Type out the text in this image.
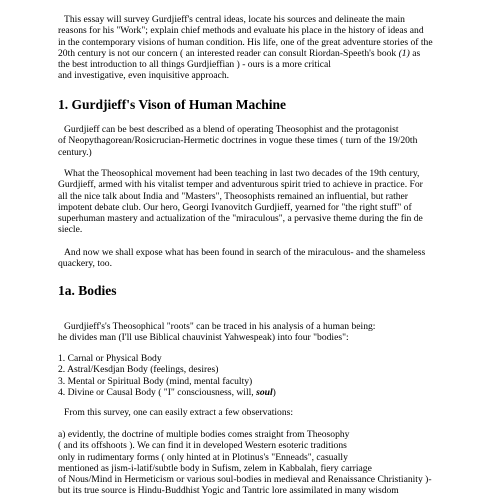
This essay will survey Gurdjieff's central ideas, locate his sources and delineate the main
reasons for his "Work"; explain chief methods and evaluate his place in the history of ideas and
in the contemporary visions of human condition. His life, one of the great adventure stories of the
20th century is not our concern ( an interested reader can consult Riordan-Speeth's book (1) as
the best introduction to all things Gurdjieffian ) - ours is a more critical
and investigative, even inquisitive approach.
1. Gurdjieff's Vison of Human Machine
Gurdjieff can be best described as a blend of operating Theosophist and the protagonist
of Neopythagorean/Rosicrucian-Hermetic doctrines in vogue these times ( turn of the 19/20th
century.)
What the Theosophical movement had been teaching in last two decades of the 19th century,
Gurdjieff, armed with his vitalist temper and adventurous spirit tried to achieve in practice. For
all the nice talk about India and "Masters", Theosophists remained an influential, but rather
impotent debate club. Our hero, Georgi Ivanovitch Gurdjieff, yearned for "the right stuff" of
superhuman mastery and actualization of the "miraculous", a pervasive theme during the fin de
siecle.
And now we shall expose what has been found in search of the miraculous- and the shameless
quackery, too.
1a. Bodies
Gurdjieff's's Theosophical "roots" can be traced in his analysis of a human being:
he divides man (I'll use Biblical chauvinist Yahwespeak) into four "bodies":
1. Carnal or Physical Body
2. Astral/Kesdjan Body (feelings, desires)
3. Mental or Spiritual Body (mind, mental faculty)
4. Divine or Causal Body ( "I" consciousness, will, soul)
From this survey, one can easily extract a few observations:
a) evidently, the doctrine of multiple bodies comes straight from Theosophy
( and its offshoots ). We can find it in developed Western esoteric traditions
only in rudimentary forms ( only hinted at in Plotinus's "Enneads", casually
mentioned as jism-i-latif/subtle body in Sufism, zelem in Kabbalah, fiery carriage
of Nous/Mind in Hermeticism or various soul-bodies in medieval and Renaissance Christianity )-
but its true source is Hindu-Buddhist Yogic and Tantric lore assimilated in many wisdom
